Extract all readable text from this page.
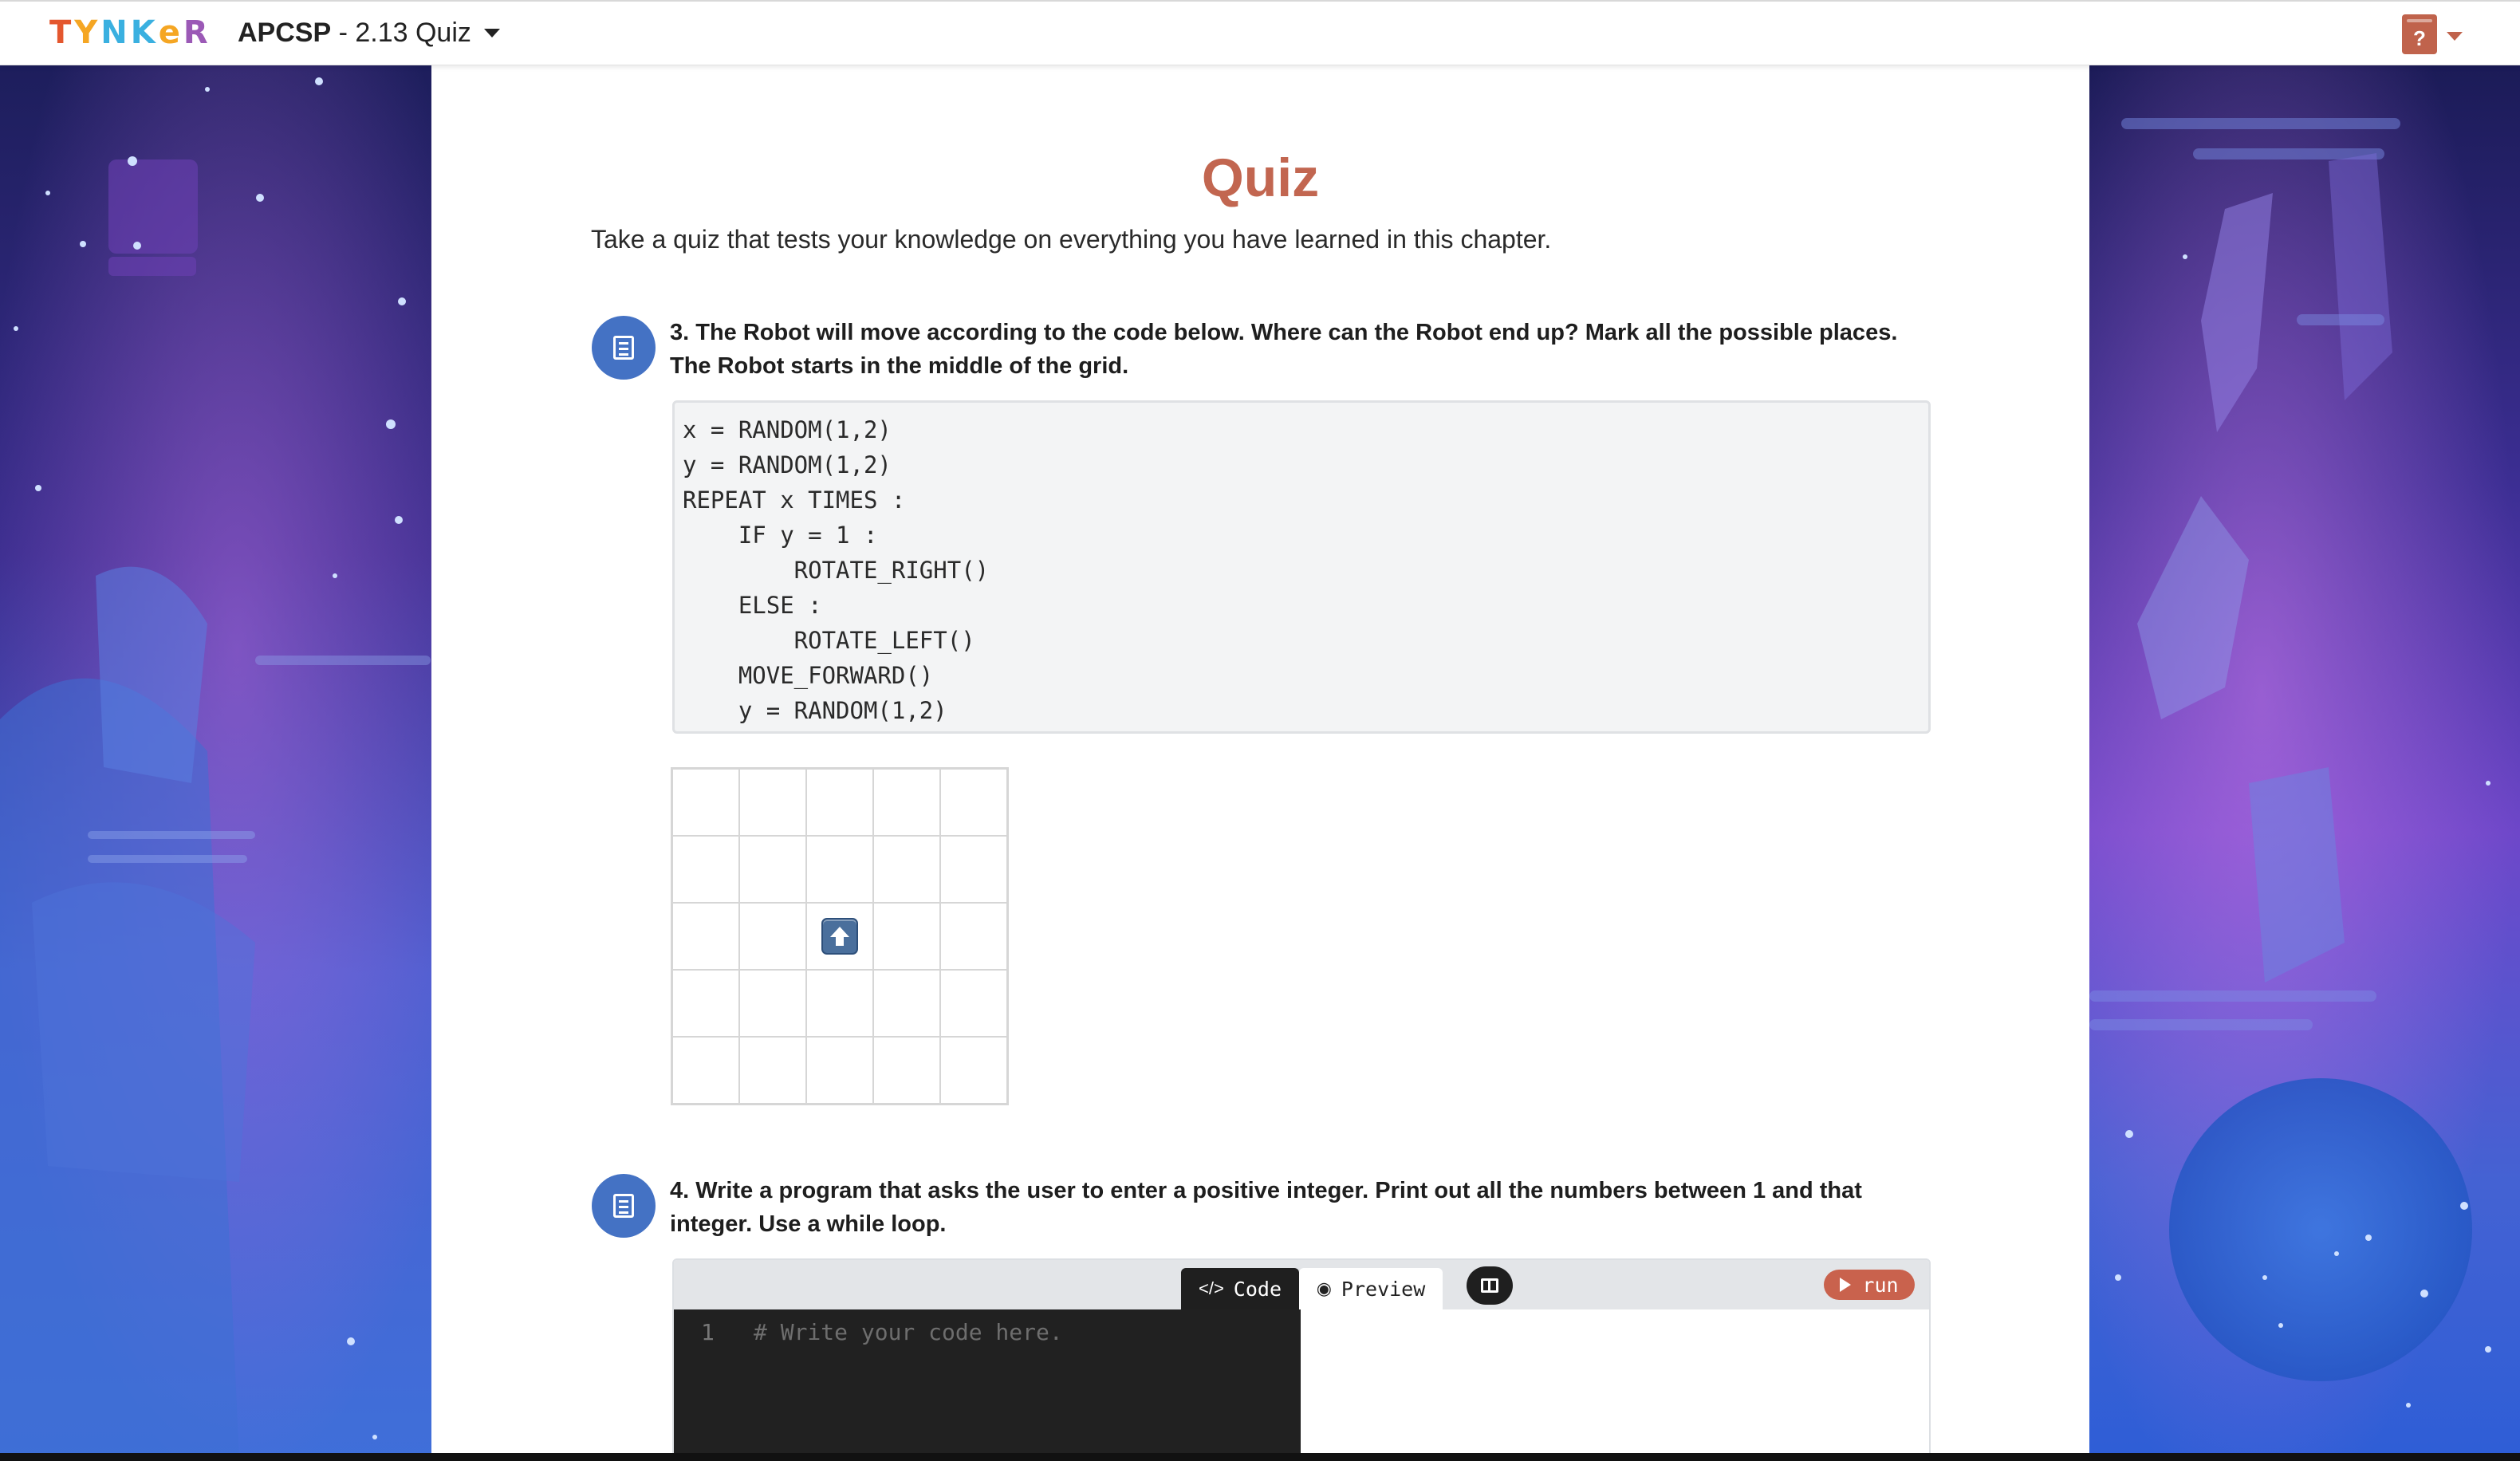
T Y N K e R APCSP - 2.13 Quiz	?
Quiz
Take a quiz that tests your knowledge on everything you have learned in this chapter.
3. The Robot will move according to the code below. Where can the Robot end up? Mark all the possible places. The Robot starts in the middle of the grid.
x = RANDOM(1,2)
y = RANDOM(1,2)
REPEAT x TIMES :
IF y = 1 :
ROTATE_RIGHT()
ELSE :
ROTATE_LEFT()
MOVE_FORWARD()
y = RANDOM(1,2)
4. Write a program that asks the user to enter a positive integer. Print out all the numbers between 1 and that integer. Use a while loop.
</> Code ◉ Preview	run
1 # Write your code here.
